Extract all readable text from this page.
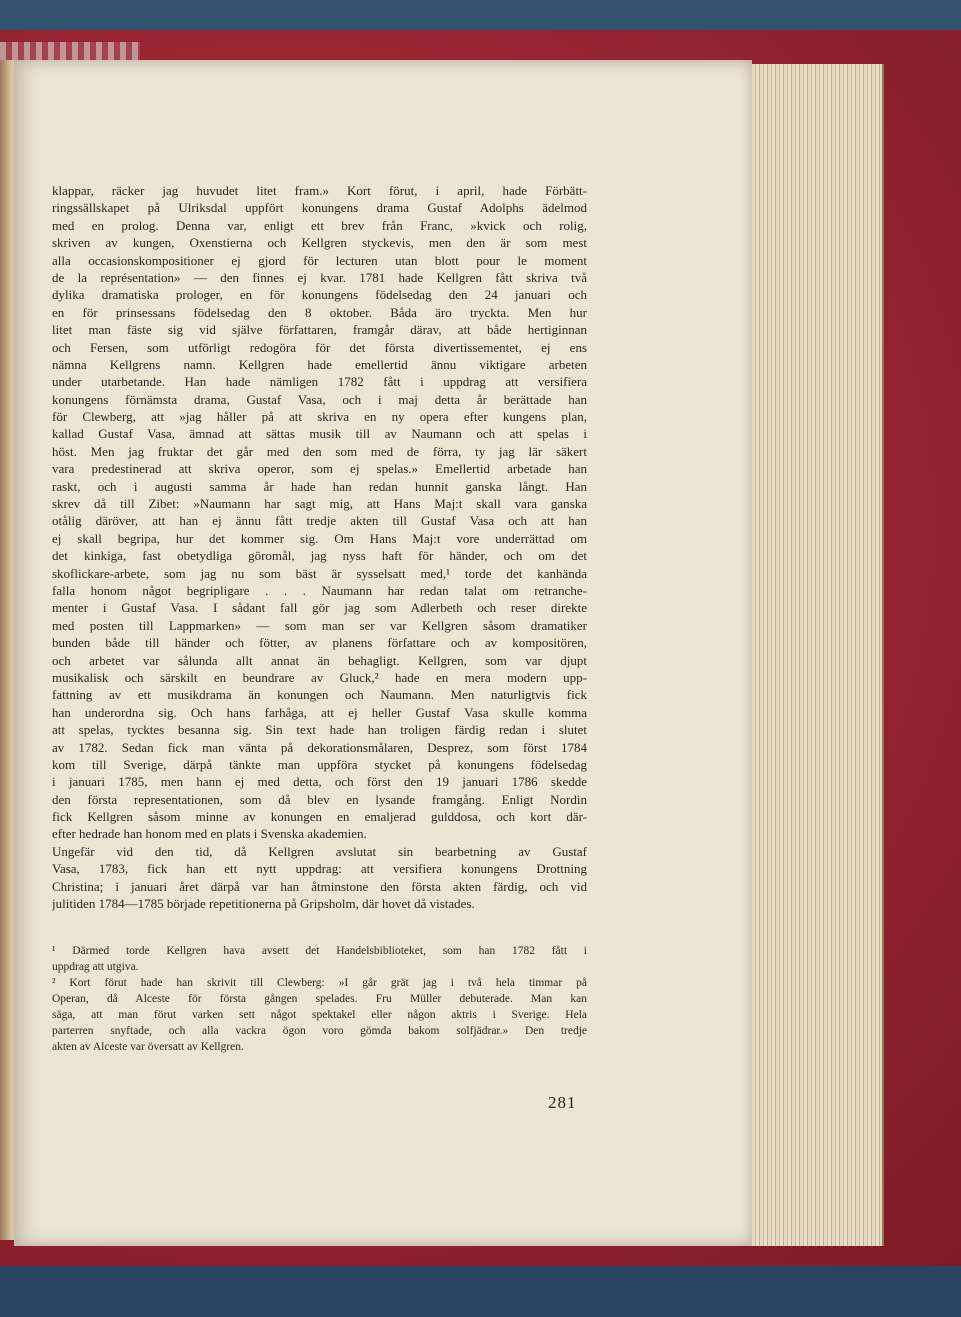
klappar, räcker jag huvudet litet fram.» Kort förut, i april, hade Förbätt-
ringssällskapet på Ulriksdal uppfört konungens drama Gustaf Adolphs ädelmod
med en prolog. Denna var, enligt ett brev från Franc, »kvick och rolig,
skriven av kungen, Oxenstierna och Kellgren styckevis, men den är som mest
alla occasionskompositioner ej gjord för lecturen utan blott pour le moment
de la représentation» — den finnes ej kvar. 1781 hade Kellgren fått skriva två
dylika dramatiska prologer, en för konungens födelsedag den 24 januari och
en för prinsessans födelsedag den 8 oktober. Båda äro tryckta. Men hur
litet man fäste sig vid själve författaren, framgår därav, att både hertiginnan
och Fersen, som utförligt redogöra för det första divertissementet, ej ens
nämna Kellgrens namn. Kellgren hade emellertid ännu viktigare arbeten
under utarbetande. Han hade nämligen 1782 fått i uppdrag att versifiera
konungens förnämsta drama, Gustaf Vasa, och i maj detta år berättade han
för Clewberg, att »jag håller på att skriva en ny opera efter kungens plan,
kallad Gustaf Vasa, ämnad att sättas musik till av Naumann och att spelas i
höst. Men jag fruktar det går med den som med de förra, ty jag lär säkert
vara predestinerad att skriva operor, som ej spelas.» Emellertid arbetade han
raskt, och i augusti samma år hade han redan hunnit ganska långt. Han
skrev då till Zibet: »Naumann har sagt mig, att Hans Maj:t skall vara ganska
otålig däröver, att han ej ännu fått tredje akten till Gustaf Vasa och att han
ej skall begripa, hur det kommer sig. Om Hans Maj:t vore underrättad om
det kinkiga, fast obetydliga göromål, jag nyss haft för händer, och om det
skoflickare-arbete, som jag nu som bäst är sysselsatt med,¹ torde det kanhända
falla honom något begripligare . . . Naumann har redan talat om retranche-
menter i Gustaf Vasa. I sådant fall gör jag som Adlerbeth och reser direkte
med posten till Lappmarken» — som man ser var Kellgren såsom dramatiker
bunden både till händer och fötter, av planens författare och av kompositören,
och arbetet var sålunda allt annat än behagligt. Kellgren, som var djupt
musikalisk och särskilt en beundrare av Gluck,² hade en mera modern upp-
fattning av ett musikdrama än konungen och Naumann. Men naturligtvis fick
han underordna sig. Och hans farhåga, att ej heller Gustaf Vasa skulle komma
att spelas, tycktes besanna sig. Sin text hade han troligen färdig redan i slutet
av 1782. Sedan fick man vänta på dekorationsmålaren, Desprez, som först 1784
kom till Sverige, därpå tänkte man uppföra stycket på konungens födelsedag
i januari 1785, men hann ej med detta, och först den 19 januari 1786 skedde
den första representationen, som då blev en lysande framgång. Enligt Nordin
fick Kellgren såsom minne av konungen en emaljerad gulddosa, och kort där-
efter hedrade han honom med en plats i Svenska akademien.
Ungefär vid den tid, då Kellgren avslutat sin bearbetning av Gustaf
Vasa, 1783, fick han ett nytt uppdrag: att versifiera konungens Drottning
Christina; i januari året därpå var han åtminstone den första akten färdig, och vid
julitiden 1784—1785 började repetitionerna på Gripsholm, där hovet då vistades.
¹ Därmed torde Kellgren hava avsett det Handelsbiblioteket, som han 1782 fått i
uppdrag att utgiva.
² Kort förut hade han skrivit till Clewberg: »I går grät jag i två hela timmar på
Operan, då Alceste för första gången spelades. Fru Müller debuterade. Man kan
säga, att man förut varken sett något spektakel eller någon aktris i Sverige. Hela
parterren snyftade, och alla vackra ögon voro gömda bakom solfjädrar.» Den tredje
akten av Alceste var översatt av Kellgren.
281
